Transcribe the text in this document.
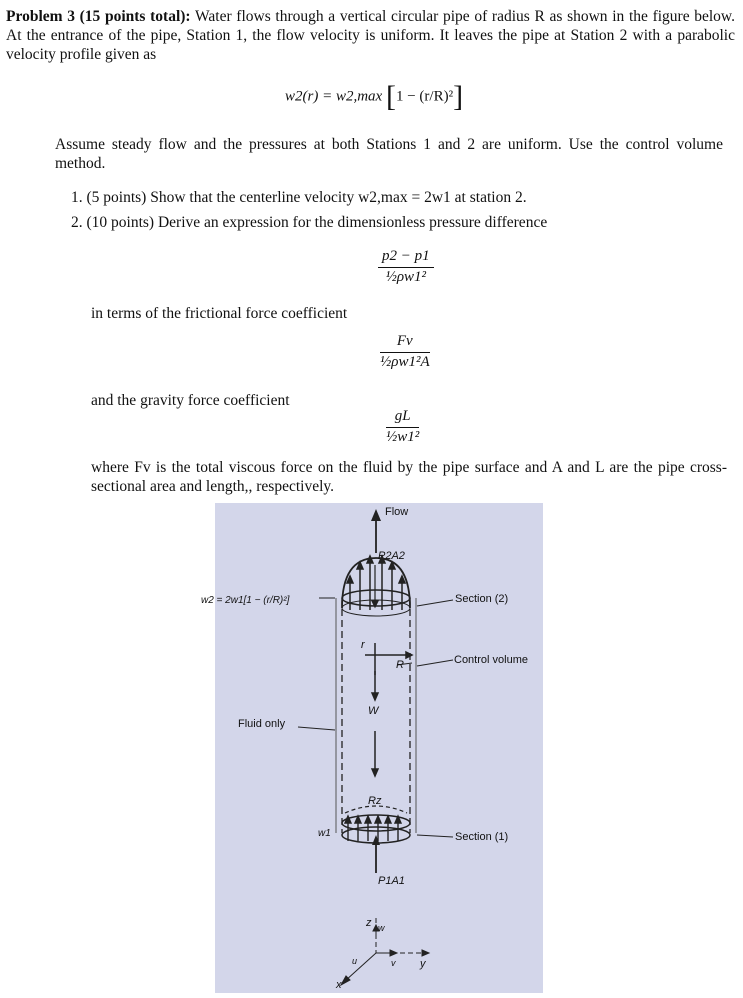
Problem 3 (15 points total): Water flows through a vertical circular pipe of radius R as shown in the figure below. At the entrance of the pipe, Station 1, the flow velocity is uniform. It leaves the pipe at Station 2 with a parabolic velocity profile given as
w2(r) = w2,max [1 − (r/R)²]
Assume steady flow and the pressures at both Stations 1 and 2 are uniform. Use the control volume method.
1. (5 points) Show that the centerline velocity w2,max = 2w1 at station 2.
2. (10 points) Derive an expression for the dimensionless pressure difference
$\frac{p2 - p1}{\text{½ρw1²}}$
in terms of the frictional force coefficient
$\frac{Fv}{\text{½ρw1²A}}$
and the gravity force coefficient
$\frac{gL}{\text{½w1²}}$
where Fv is the total viscous force on the fluid by the pipe surface and A and L are the pipe cross-sectional area and length,, respectively.
Flow
P2A2
w2 = 2w1[1 − (r/R)²]	Section (2)
Control volume
r
R
W
Fluid only
Rz
w1	Section (1)
P1A1
z w
u	v y
x
